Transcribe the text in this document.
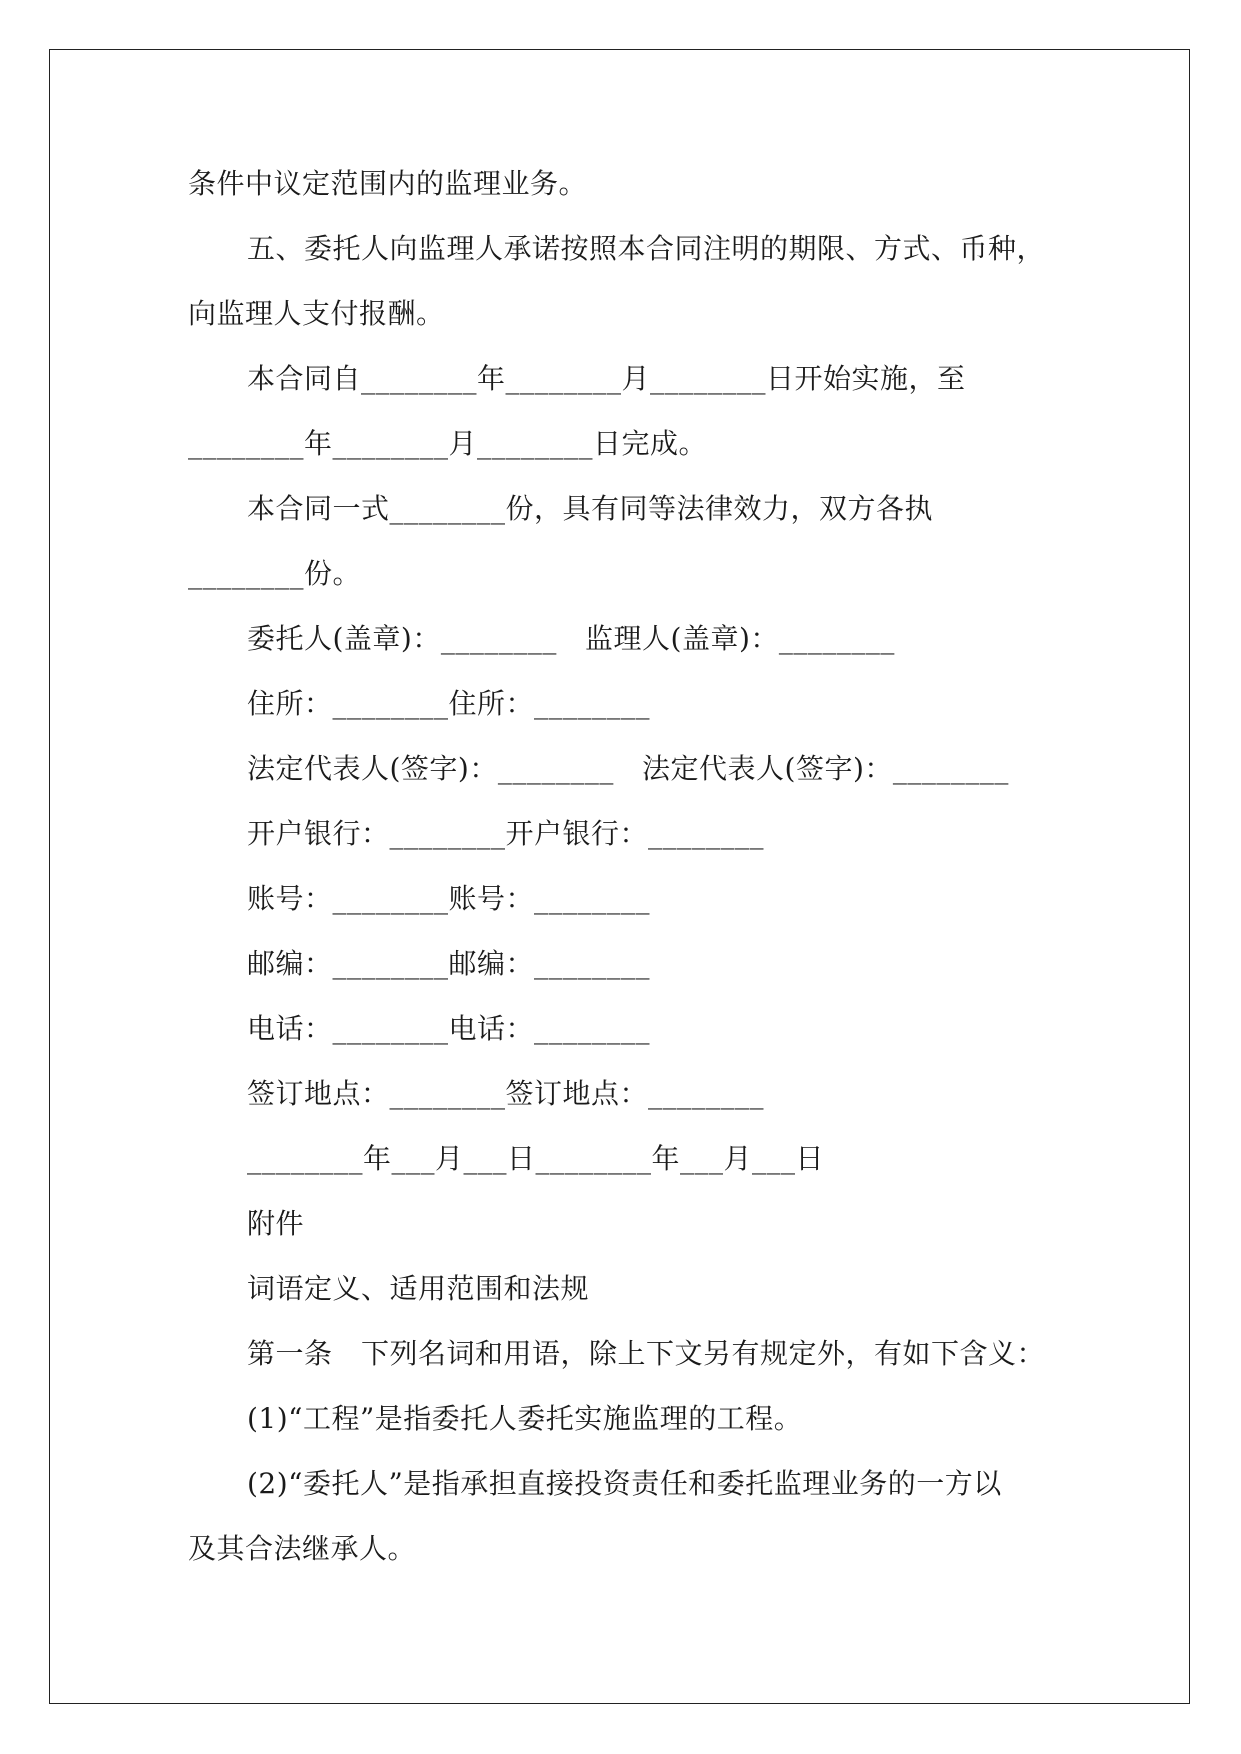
条件中议定范围内的监理业务。
五、委托人向监理人承诺按照本合同注明的期限、方式、币种，
向监理人支付报酬。
本合同自________年________月________日开始实施，至
________年________月________日完成。
本合同一式________份，具有同等法律效力，双方各执
________份。
委托人(盖章)：________   监理人(盖章)：________
住所：________住所：________
法定代表人(签字)：________   法定代表人(签字)：________
开户银行：________开户银行：________
账号：________账号：________
邮编：________邮编：________
电话：________电话：________
签订地点：________签订地点：________
________年___月___日________年___月___日
附件
词语定义、适用范围和法规
第一条　下列名词和用语，除上下文另有规定外，有如下含义：
(1)“工程”是指委托人委托实施监理的工程。
(2)“委托人”是指承担直接投资责任和委托监理业务的一方以
及其合法继承人。
